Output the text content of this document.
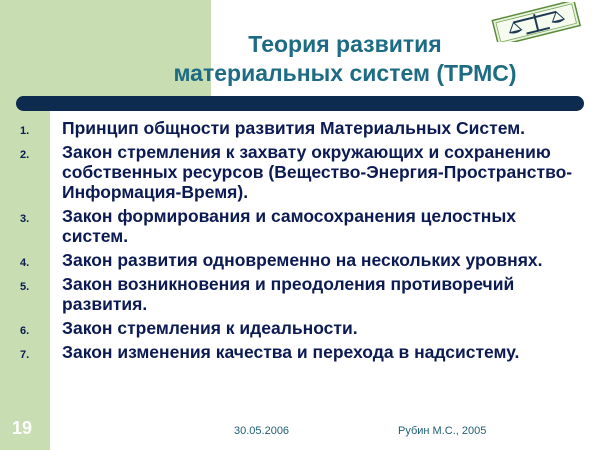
Теория развития
материальных систем (ТРМС)
1. Принцип общности развития Материальных Систем.
2. Закон стремления к захвату окружающих и сохранению собственных ресурсов (Вещество-Энергия-Пространство-Информация-Время).
3. Закон формирования и самосохранения целостных систем.
4. Закон развития одновременно на нескольких уровнях.
5. Закон возникновения и преодоления противоречий развития.
6. Закон стремления к идеальности.
7. Закон изменения качества и перехода в надсистему.
19	30.05.2006	Рубин М.С., 2005
